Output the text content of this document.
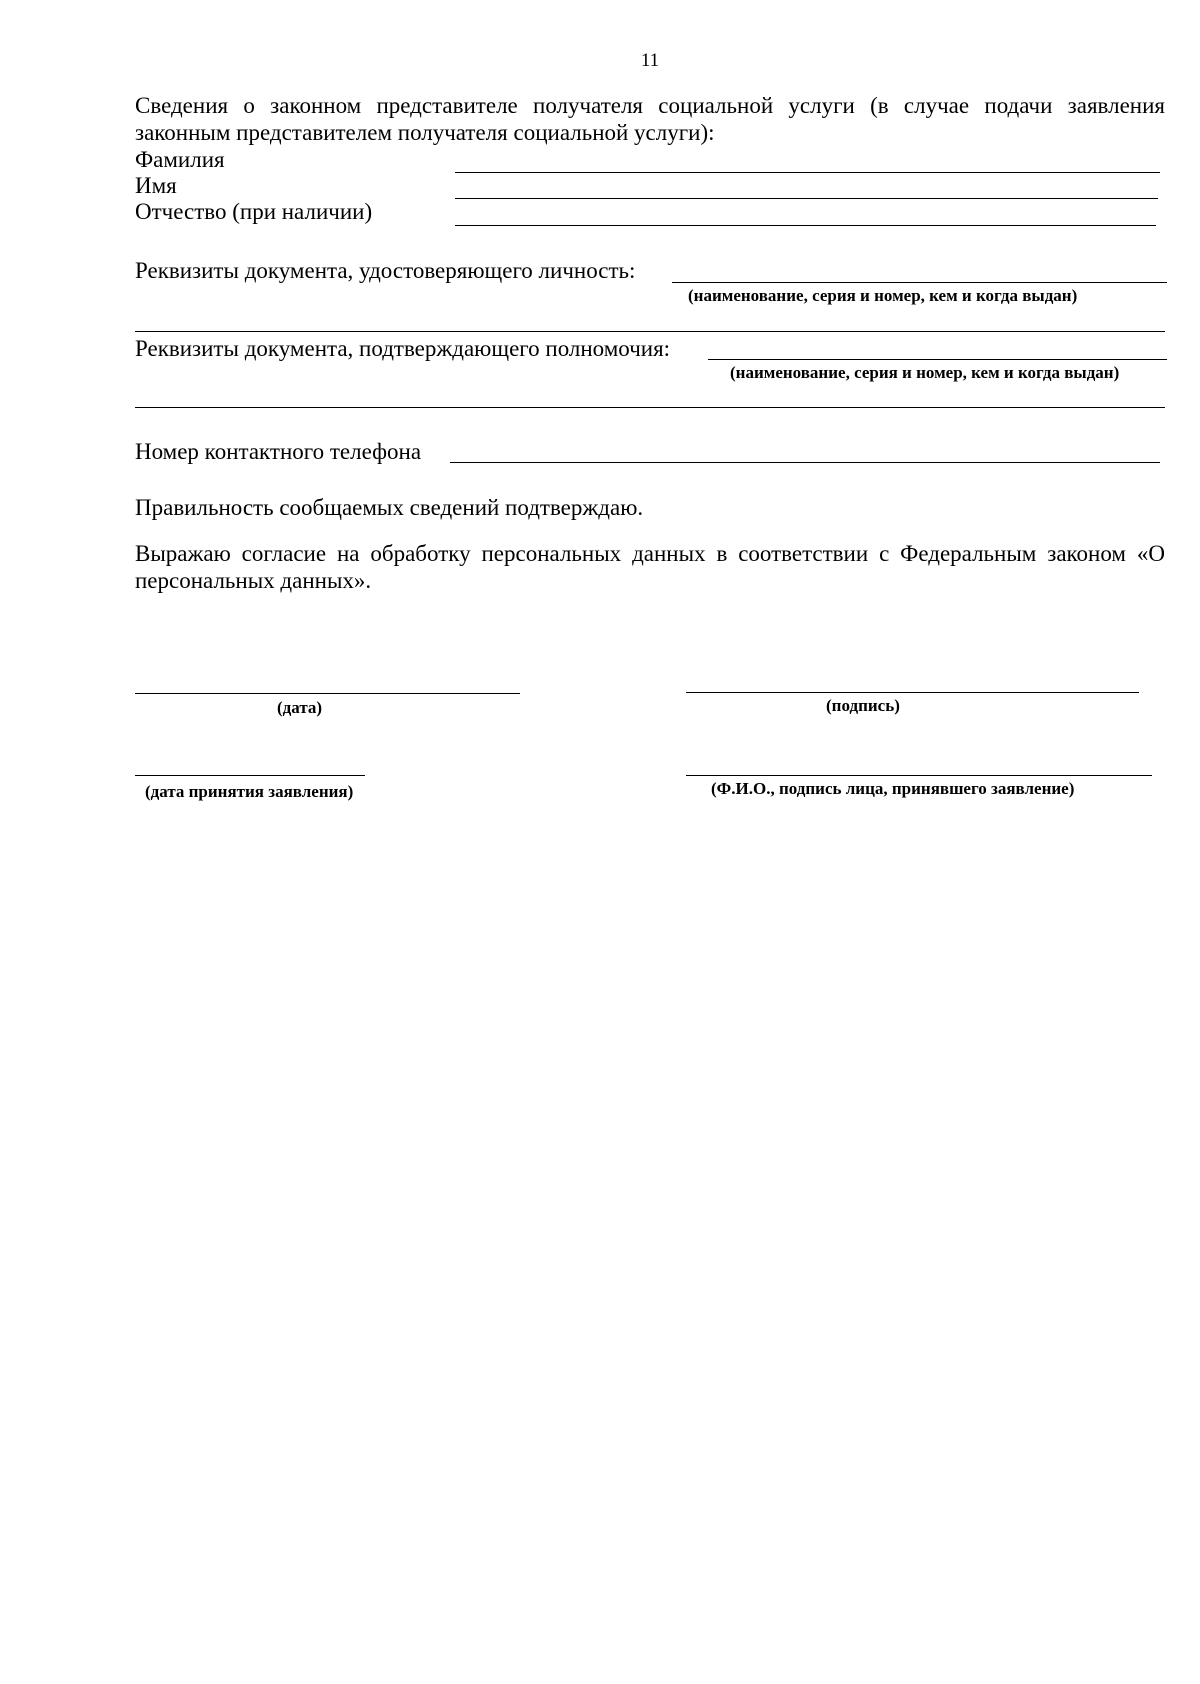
11
Сведения о законном представителе получателя социальной услуги (в случае подачи заявления законным представителем получателя социальной услуги):
Фамилия
Имя
Отчество (при наличии)
Реквизиты документа, удостоверяющего личность:
(наименование, серия и номер, кем и когда выдан)
Реквизиты документа, подтверждающего полномочия:
(наименование, серия и номер, кем и когда выдан)
Номер контактного телефона
Правильность сообщаемых сведений подтверждаю.
Выражаю согласие на обработку персональных данных в соответствии с Федеральным законом «О персональных данных».
(дата)	(подпись)
(дата принятия заявления)	(Ф.И.О., подпись лица, принявшего заявление)
